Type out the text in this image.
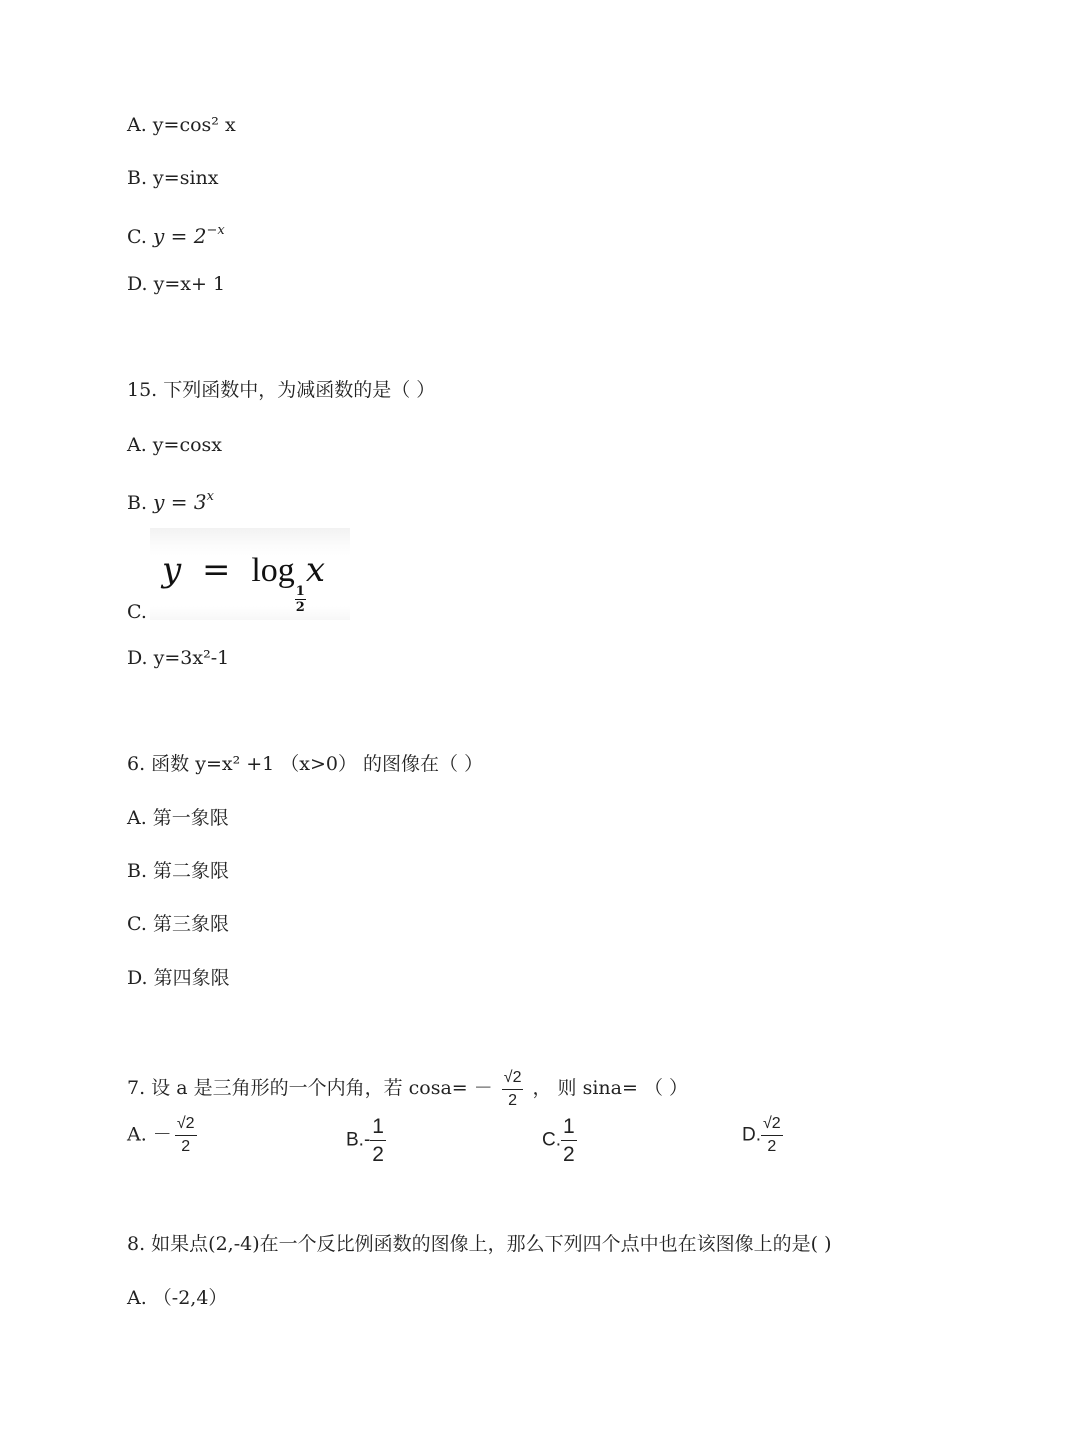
A. y=cos² x
B. y=sinx
C. $y = 2^{-x}$
D. y=x+ 1
15. 下列函数中，为减函数的是（ ）
A. y=cosx
B. $y = 3^x$
y = log
$\frac{1}{2}$
x
C.
D. y=3x²-1
6. 函数 y=x² +1 （x>0） 的图像在（ ）
A. 第一象限
B. 第二象限
C. 第三象限
D. 第四象限
7. 设 a 是三角形的一个内角，若 $\cos a= - \frac{√2}{2}$ ， 则 sina= （ ）
A. － $\frac{√2}{2}$	$B.- \frac{1}{2}$	C. $\frac{1}{2}$	D. $\frac{√2}{2}$
8. 如果点(2,-4)在一个反比例函数的图像上，那么下列四个点中也在该图像上的是( )
A. （-2,4）
